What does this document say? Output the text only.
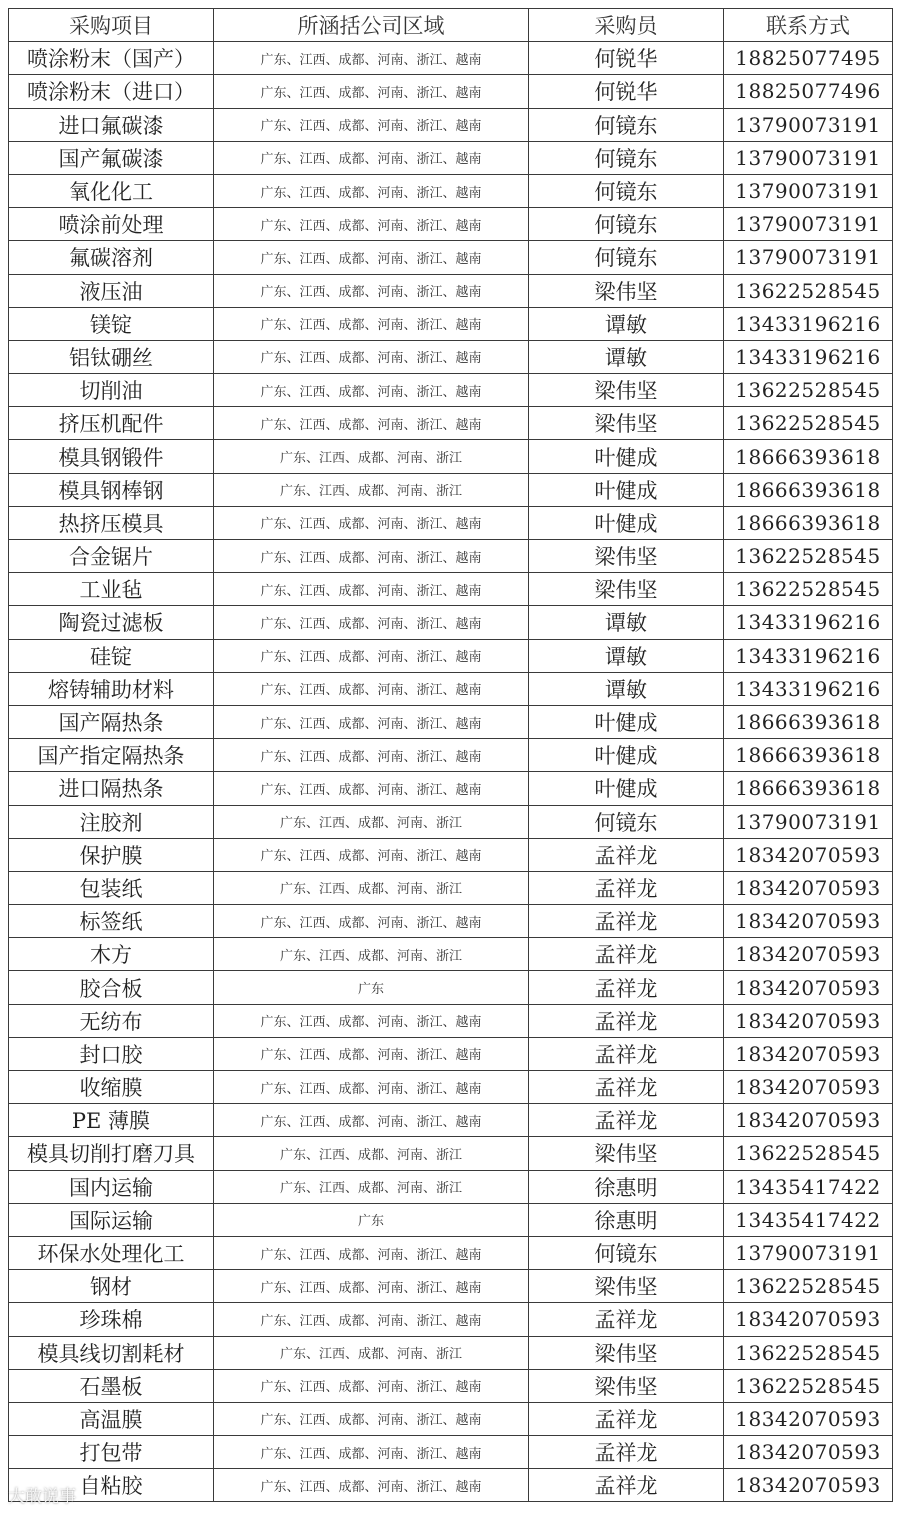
采购项目	所涵括公司区域	采购员	联系方式
喷涂粉末（国产）	广东、江西、成都、河南、浙江、越南	何锐华	18825077495
喷涂粉末（进口）	广东、江西、成都、河南、浙江、越南	何锐华	18825077496
进口氟碳漆	广东、江西、成都、河南、浙江、越南	何镜东	13790073191
国产氟碳漆	广东、江西、成都、河南、浙江、越南	何镜东	13790073191
氧化化工	广东、江西、成都、河南、浙江、越南	何镜东	13790073191
喷涂前处理	广东、江西、成都、河南、浙江、越南	何镜东	13790073191
氟碳溶剂	广东、江西、成都、河南、浙江、越南	何镜东	13790073191
液压油	广东、江西、成都、河南、浙江、越南	梁伟坚	13622528545
镁锭	广东、江西、成都、河南、浙江、越南	谭敏	13433196216
铝钛硼丝	广东、江西、成都、河南、浙江、越南	谭敏	13433196216
切削油	广东、江西、成都、河南、浙江、越南	梁伟坚	13622528545
挤压机配件	广东、江西、成都、河南、浙江、越南	梁伟坚	13622528545
模具钢锻件	广东、江西、成都、河南、浙江	叶健成	18666393618
模具钢棒钢	广东、江西、成都、河南、浙江	叶健成	18666393618
热挤压模具	广东、江西、成都、河南、浙江、越南	叶健成	18666393618
合金锯片	广东、江西、成都、河南、浙江、越南	梁伟坚	13622528545
工业毡	广东、江西、成都、河南、浙江、越南	梁伟坚	13622528545
陶瓷过滤板	广东、江西、成都、河南、浙江、越南	谭敏	13433196216
硅锭	广东、江西、成都、河南、浙江、越南	谭敏	13433196216
熔铸辅助材料	广东、江西、成都、河南、浙江、越南	谭敏	13433196216
国产隔热条	广东、江西、成都、河南、浙江、越南	叶健成	18666393618
国产指定隔热条	广东、江西、成都、河南、浙江、越南	叶健成	18666393618
进口隔热条	广东、江西、成都、河南、浙江、越南	叶健成	18666393618
注胶剂	广东、江西、成都、河南、浙江	何镜东	13790073191
保护膜	广东、江西、成都、河南、浙江、越南	孟祥龙	18342070593
包装纸	广东、江西、成都、河南、浙江	孟祥龙	18342070593
标签纸	广东、江西、成都、河南、浙江、越南	孟祥龙	18342070593
木方	广东、江西、成都、河南、浙江	孟祥龙	18342070593
胶合板	广东	孟祥龙	18342070593
无纺布	广东、江西、成都、河南、浙江、越南	孟祥龙	18342070593
封口胶	广东、江西、成都、河南、浙江、越南	孟祥龙	18342070593
收缩膜	广东、江西、成都、河南、浙江、越南	孟祥龙	18342070593
PE 薄膜	广东、江西、成都、河南、浙江、越南	孟祥龙	18342070593
模具切削打磨刀具	广东、江西、成都、河南、浙江	梁伟坚	13622528545
国内运输	广东、江西、成都、河南、浙江	徐惠明	13435417422
国际运输	广东	徐惠明	13435417422
环保水处理化工	广东、江西、成都、河南、浙江、越南	何镜东	13790073191
钢材	广东、江西、成都、河南、浙江、越南	梁伟坚	13622528545
珍珠棉	广东、江西、成都、河南、浙江、越南	孟祥龙	18342070593
模具线切割耗材	广东、江西、成都、河南、浙江	梁伟坚	13622528545
石墨板	广东、江西、成都、河南、浙江、越南	梁伟坚	13622528545
高温膜	广东、江西、成都、河南、浙江、越南	孟祥龙	18342070593
打包带	广东、江西、成都、河南、浙江、越南	孟祥龙	18342070593
自粘胶	广东、江西、成都、河南、浙江、越南	孟祥龙	18342070593
大敢说事
